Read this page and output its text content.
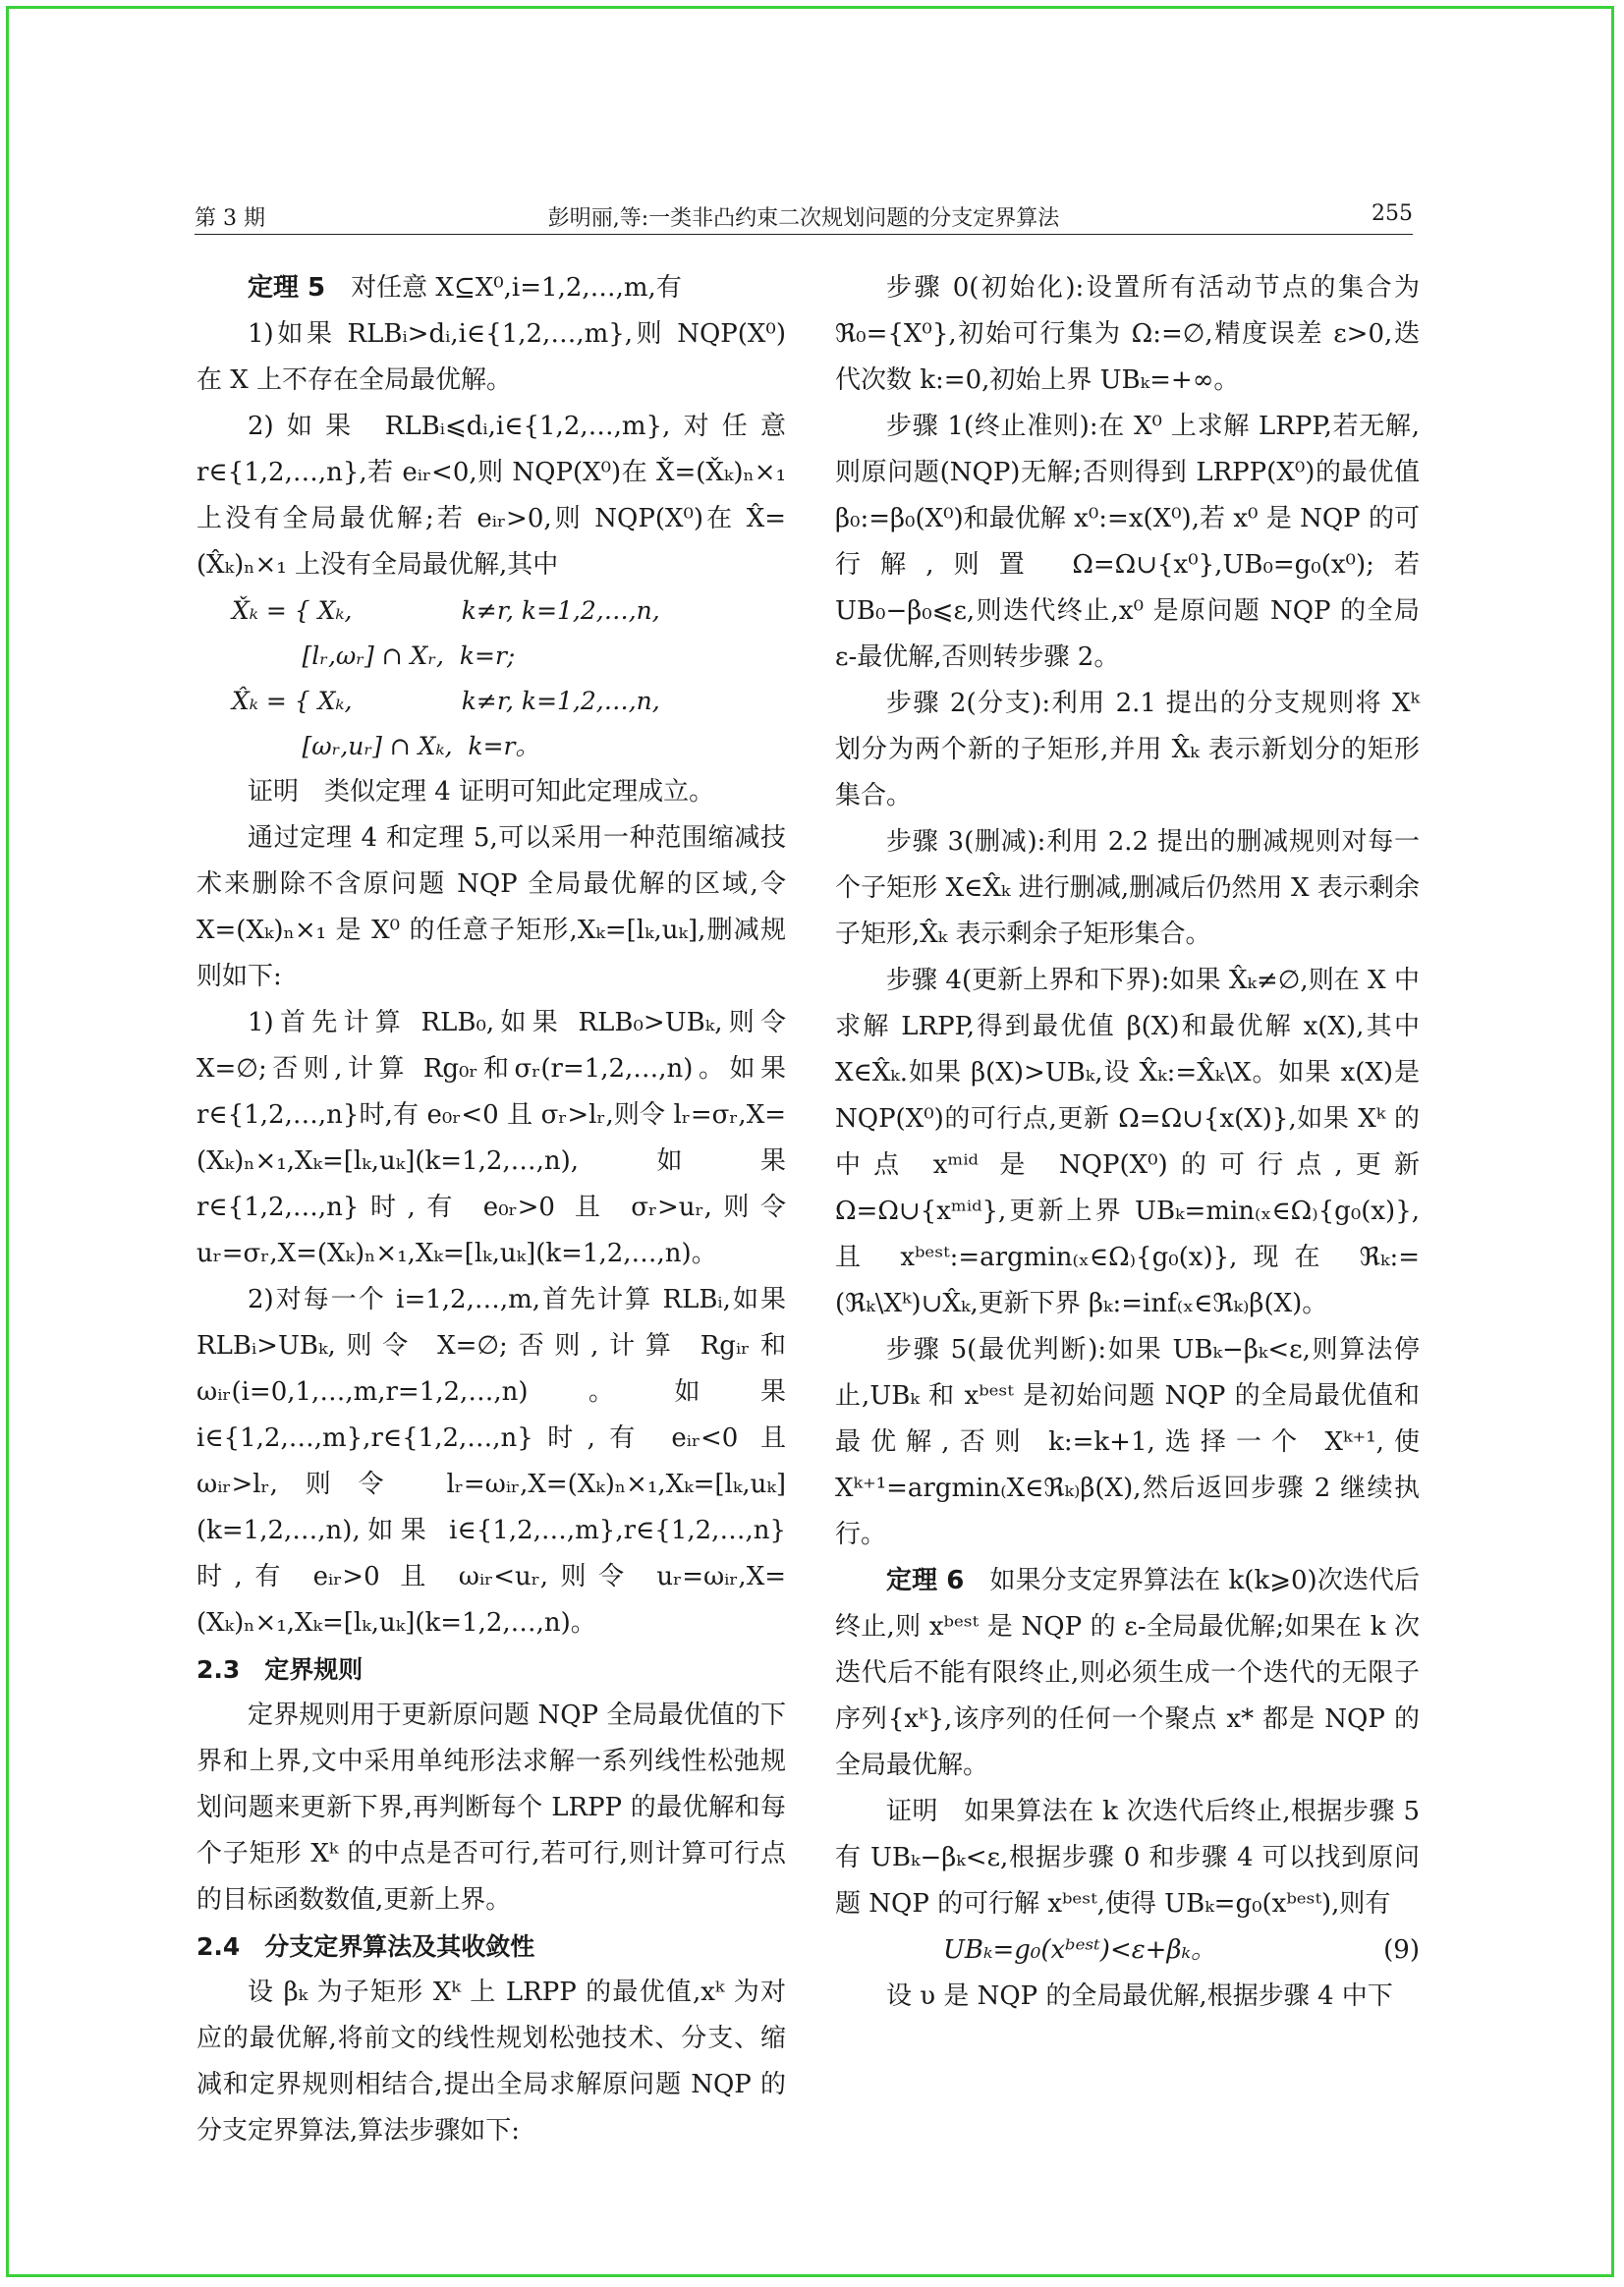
第 3 期	彭明丽,等:一类非凸约束二次规划问题的分支定界算法	255

定理 5　 对任意 X⊆X⁰,i=1,2,…,m,有

1)如果 RLBᵢ>dᵢ,i∈{1,2,…,m},则 NQP(X⁰)在 X 上不存在全局最优解。

2)如果 RLBᵢ⩽dᵢ,i∈{1,2,…,m},对任意 r∈{1,2,…,n},若 eᵢᵣ<0,则 NQP(X⁰)在 X̌=(X̌ₖ)ₙ×₁ 上没有全局最优解;若 eᵢᵣ>0,则 NQP(X⁰)在 X̂=(X̂ₖ)ₙ×₁ 上没有全局最优解,其中

X̌ₖ = { Xₖ,              k≠r, k=1,2,…,n,
[lᵣ,ωᵣ] ∩ Xᵣ,  k=r;
X̂ₖ = { Xₖ,              k≠r, k=1,2,…,n,
[ωᵣ,uᵣ] ∩ Xₖ,  k=r。

证明　类似定理 4 证明可知此定理成立。

通过定理 4 和定理 5,可以采用一种范围缩减技术来删除不含原问题 NQP 全局最优解的区域,令 X=(Xₖ)ₙ×₁ 是 X⁰ 的任意子矩形,Xₖ=[lₖ,uₖ],删减规则如下:

1)首先计算 RLB₀,如果 RLB₀>UBₖ,则令 X=∅;否则,计算 Rg₀ᵣ和σᵣ(r=1,2,…,n)。如果 r∈{1,2,…,n}时,有 e₀ᵣ<0 且 σᵣ>lᵣ,则令 lᵣ=σᵣ,X=(Xₖ)ₙ×₁,Xₖ=[lₖ,uₖ](k=1,2,…,n),如果 r∈{1,2,…,n}时,有 e₀ᵣ>0 且 σᵣ>uᵣ,则令 uᵣ=σᵣ,X=(Xₖ)ₙ×₁,Xₖ=[lₖ,uₖ](k=1,2,…,n)。

2)对每一个 i=1,2,…,m,首先计算 RLBᵢ,如果 RLBᵢ>UBₖ,则令 X=∅;否则,计算 Rgᵢᵣ和 ωᵢᵣ(i=0,1,…,m,r=1,2,…,n)。如果 i∈{1,2,…,m},r∈{1,2,…,n}时,有 eᵢᵣ<0 且 ωᵢᵣ>lᵣ,则令 lᵣ=ωᵢᵣ,X=(Xₖ)ₙ×₁,Xₖ=[lₖ,uₖ](k=1,2,…,n),如果 i∈{1,2,…,m},r∈{1,2,…,n}时,有 eᵢᵣ>0 且 ωᵢᵣ<uᵣ,则令 uᵣ=ωᵢᵣ,X=(Xₖ)ₙ×₁,Xₖ=[lₖ,uₖ](k=1,2,…,n)。

2.3　定界规则

定界规则用于更新原问题 NQP 全局最优值的下界和上界,文中采用单纯形法求解一系列线性松弛规划问题来更新下界,再判断每个 LRPP 的最优解和每个子矩形 Xᵏ 的中点是否可行,若可行,则计算可行点的目标函数数值,更新上界。

2.4　分支定界算法及其收敛性

设 βₖ 为子矩形 Xᵏ 上 LRPP 的最优值,xᵏ 为对应的最优解,将前文的线性规划松弛技术、分支、缩减和定界规则相结合,提出全局求解原问题 NQP 的分支定界算法,算法步骤如下:

步骤 0(初始化):设置所有活动节点的集合为 ℜ₀={X⁰},初始可行集为 Ω:=∅,精度误差 ε>0,迭代次数 k:=0,初始上界 UBₖ=+∞。

步骤 1(终止准则):在 X⁰ 上求解 LRPP,若无解,则原问题(NQP)无解;否则得到 LRPP(X⁰)的最优值 β₀:=β₀(X⁰)和最优解 x⁰:=x(X⁰),若 x⁰ 是 NQP 的可行解,则置 Ω=Ω∪{x⁰},UB₀=g₀(x⁰);若 UB₀−β₀⩽ε,则迭代终止,x⁰ 是原问题 NQP 的全局 ε-最优解,否则转步骤 2。

步骤 2(分支):利用 2.1 提出的分支规则将 Xᵏ 划分为两个新的子矩形,并用 X̂ₖ 表示新划分的矩形集合。

步骤 3(删减):利用 2.2 提出的删减规则对每一个子矩形 X∈X̂ₖ 进行删减,删减后仍然用 X 表示剩余子矩形,X̂ₖ 表示剩余子矩形集合。

步骤 4(更新上界和下界):如果 X̂ₖ≠∅,则在 X 中求解 LRPP,得到最优值 β(X)和最优解 x(X),其中 X∈X̂ₖ.如果 β(X)>UBₖ,设 X̂ₖ:=X̂ₖ\X。如果 x(X)是 NQP(X⁰)的可行点,更新 Ω=Ω∪{x(X)},如果 Xᵏ 的中点 xᵐⁱᵈ 是 NQP(X⁰)的可行点,更新 Ω=Ω∪{xᵐⁱᵈ},更新上界 UBₖ=min₍ₓ∈Ω₎{g₀(x)},且 xᵇᵉˢᵗ:=argmin₍ₓ∈Ω₎{g₀(x)},现在 ℜₖ:=(ℜₖ\Xᵏ)∪X̂ₖ,更新下界 βₖ:=inf₍ₓ∈ℜₖ₎β(X)。

步骤 5(最优判断):如果 UBₖ−βₖ<ε,则算法停止,UBₖ 和 xᵇᵉˢᵗ 是初始问题 NQP 的全局最优值和最优解,否则 k:=k+1,选择一个 Xᵏ⁺¹,使 Xᵏ⁺¹=argmin₍X∈ℜₖ₎β(X),然后返回步骤 2 继续执行。

定理 6　 如果分支定界算法在 k(k⩾0)次迭代后终止,则 xᵇᵉˢᵗ 是 NQP 的 ε-全局最优解;如果在 k 次迭代后不能有限终止,则必须生成一个迭代的无限子序列{xᵏ},该序列的任何一个聚点 x* 都是 NQP 的全局最优解。

证明　如果算法在 k 次迭代后终止,根据步骤 5 有 UBₖ−βₖ<ε,根据步骤 0 和步骤 4 可以找到原问题 NQP 的可行解 xᵇᵉˢᵗ,使得 UBₖ=g₀(xᵇᵉˢᵗ),则有

UBₖ=g₀(xᵇᵉˢᵗ)<ε+βₖ。	(9)

设 υ 是 NQP 的全局最优解,根据步骤 4 中下
